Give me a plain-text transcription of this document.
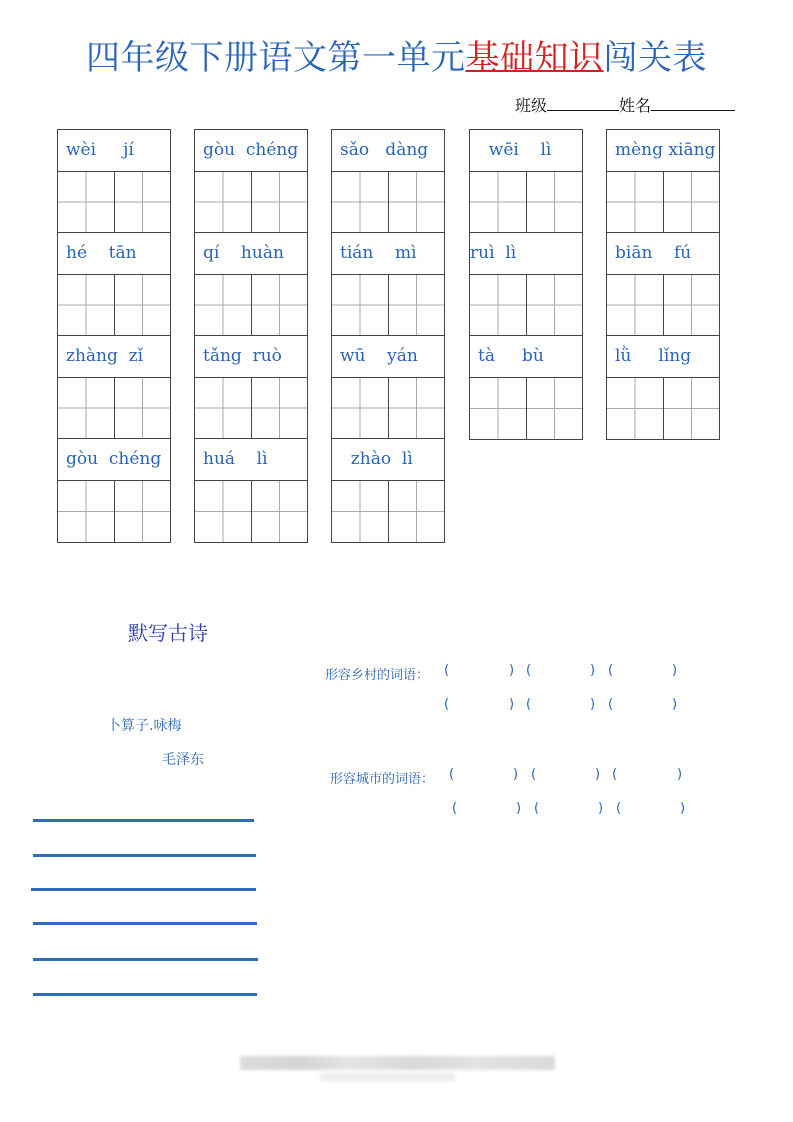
四年级下册语文第一单元基础知识闯关表
班级	姓名
wèi     jí
hé    tān
zhàng  zǐ
gòu  chéng
gòu  chéng
qí    huàn
tǎng  ruò
huá    lì
sǎo   dàng
tián    mì
wū    yán
zhào  lì
wēi    lì
ruì  lì
tà     bù
mèng xiāng
biān    fú
lǜ     lǐng
默写古诗
卜算子.咏梅
毛泽东
形容乡村的词语：
形容城市的词语：
(	) (	) (	)
(	) (	) (	)
(	) (	) (	)
(	) (	) (	)
